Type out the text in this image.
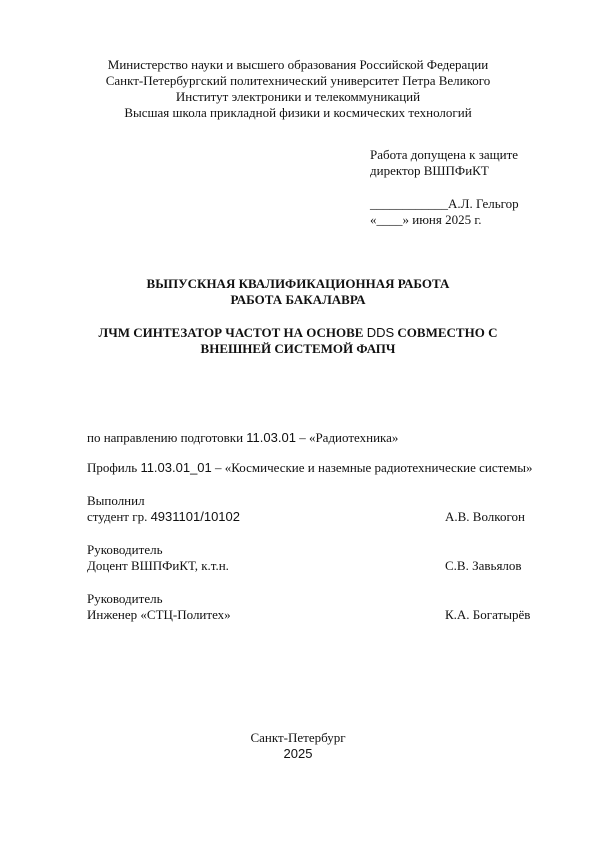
Министерство науки и высшего образования Российской Федерации
Санкт-Петербургский политехнический университет Петра Великого
Институт электроники и телекоммуникаций
Высшая школа прикладной физики и космических технологий
Работа допущена к защите
директор ВШПФиКТ
____________А.Л. Гельгор
«____» июня 2025 г.
ВЫПУСКНАЯ КВАЛИФИКАЦИОННАЯ РАБОТА
РАБОТА БАКАЛАВРА
ЛЧМ СИНТЕЗАТОР ЧАСТОТ НА ОСНОВЕ DDS СОВМЕСТНО С
ВНЕШНЕЙ СИСТЕМОЙ ФАПЧ
по направлению подготовки 11.03.01 – «Радиотехника»
Профиль 11.03.01_01 – «Космические и наземные радиотехнические системы»
Выполнил
студент гр. 4931101/10102	А.В. Волкогон
Руководитель
Доцент ВШПФиКТ, к.т.н.	С.В. Завьялов
Руководитель
Инженер «СТЦ-Политех»	К.А. Богатырёв
Санкт-Петербург
2025
